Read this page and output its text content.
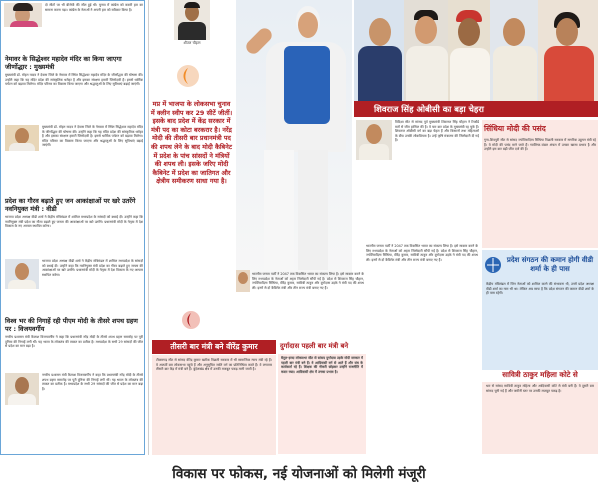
दो सीटों पर भी बीजेपी की जीत हुई थी। चुनाव में कांग्रेस को करारी हार का सामना करना पड़ा। कांग्रेस के नेताओं ने अपनी हार को स्वीकार किया है।
नेमावर के सिद्धेश्वर महादेव मंदिर का किया जाएगा जीर्णोद्धार : मुख्यमंत्री
मुख्यमंत्री डॉ. मोहन यादव ने देवास जिले के नेमावर में स्थित सिद्धेश्वर महादेव मंदिर के जीर्णोद्धार की घोषणा की। उन्होंने कहा कि यह मंदिर प्रदेश की सांस्कृतिक धरोहर है और इसका संरक्षण हमारी जिम्मेदारी है। इससे धार्मिक पर्यटन को बढ़ावा मिलेगा। मंदिर परिसर का विकास किया जाएगा और श्रद्धालुओं के लिए सुविधाएं बढ़ाई जाएंगी।
मुख्यमंत्री डॉ. मोहन यादव ने देवास जिले के नेमावर में स्थित सिद्धेश्वर महादेव मंदिर के जीर्णोद्धार की घोषणा की। उन्होंने कहा कि यह मंदिर प्रदेश की सांस्कृतिक धरोहर है और इसका संरक्षण हमारी जिम्मेदारी है। इससे धार्मिक पर्यटन को बढ़ावा मिलेगा। मंदिर परिसर का विकास किया जाएगा और श्रद्धालुओं के लिए सुविधाएं बढ़ाई जाएंगी।
प्रदेश का गौरव बढ़ाते हुए जन आकांक्षाओं पर खरे उतरेंगे नवनियुक्त मंत्री : वीडी
भाजपा प्रदेश अध्यक्ष वीडी शर्मा ने केंद्रीय मंत्रिमंडल में शामिल मध्यप्रदेश के सांसदों को बधाई दी। उन्होंने कहा कि नवनियुक्त मंत्री प्रदेश का गौरव बढ़ाते हुए जनता की आकांक्षाओं पर खरे उतरेंगे। प्रधानमंत्री मोदी के नेतृत्व में देश विकास के नए आयाम स्थापित करेगा।
भाजपा प्रदेश अध्यक्ष वीडी शर्मा ने केंद्रीय मंत्रिमंडल में शामिल मध्यप्रदेश के सांसदों को बधाई दी। उन्होंने कहा कि नवनियुक्त मंत्री प्रदेश का गौरव बढ़ाते हुए जनता की आकांक्षाओं पर खरे उतरेंगे। प्रधानमंत्री मोदी के नेतृत्व में देश विकास के नए आयाम स्थापित करेगा।
विश्व भर की निगाहें रही पीएम मोदी के तीसरे शपथ ग्रहण पर : विजयवर्गीय
नगरीय प्रशासन मंत्री कैलाश विजयवर्गीय ने कहा कि प्रधानमंत्री नरेंद्र मोदी के तीसरे शपथ ग्रहण समारोह पर पूरी दुनिया की निगाहें लगी थीं। यह भारत के लोकतंत्र की ताकत का प्रतीक है। मध्यप्रदेश के सभी 29 सांसदों की जीत से प्रदेश का मान बढ़ा है।
नगरीय प्रशासन मंत्री कैलाश विजयवर्गीय ने कहा कि प्रधानमंत्री नरेंद्र मोदी के तीसरे शपथ ग्रहण समारोह पर पूरी दुनिया की निगाहें लगी थीं। यह भारत के लोकतंत्र की ताकत का प्रतीक है। मध्यप्रदेश के सभी 29 सांसदों की जीत से प्रदेश का मान बढ़ा है।
शीतल चौहान
मप्र में भाजपा के लोकसभा चुनाव में क्लीन स्वीप कर 29 सीटें जीतीं। इसके बाद प्रदेश में केंद्र सरकार में मंत्री पद का कोटा बरकरार है। नरेंद्र मोदी की तीसरी बार प्रधानमंत्री पद की शपथ लेने के बाद मोदी कैबिनेट में प्रदेश के पांच सांसदों ने मंत्रियों की शपथ ली। इसके जरिए मोदी कैबिनेट में प्रदेश का जातिगत और क्षेत्रीय समीकरण साधा गया है।
शिवराज सिंह ओबीसी का बड़ा चेहरा
विदिशा सीट से सांसद पूर्व मुख्यमंत्री शिवराज सिंह चौहान ने रिकॉर्ड मतों से जीत हासिल की है। वे चार बार प्रदेश के मुख्यमंत्री रह चुके हैं। शिवराज ओबीसी वर्ग का बड़ा चेहरा हैं और किसानों तथा महिलाओं के बीच उनकी लोकप्रियता है। उन्हें कृषि मंत्रालय की जिम्मेदारी दी गई है।
सिंधिया मोदी की पसंद
गुना-शिवपुरी सीट से सांसद ज्योतिरादित्य सिंधिया पिछली सरकार में नागरिक उड्डयन मंत्री रहे हैं। वे मोदी की पसंद माने जाते हैं। ग्वालियर-चंबल अंचल में उनका खासा प्रभाव है और उन्होंने इस बार बड़ी जीत दर्ज की है।
भारतीय जनता पार्टी ने 2047 तक विकसित भारत का संकल्प लिया है। इसे साकार करने के लिए मध्यप्रदेश के नेताओं को अहम जिम्मेदारी सौंपी गई है। प्रदेश से शिवराज सिंह चौहान, ज्योतिरादित्य सिंधिया, वीरेंद्र कुमार, सावित्री ठाकुर और दुर्गादास उइके ने मंत्री पद की शपथ ली। इनमें से दो कैबिनेट मंत्री और तीन राज्य मंत्री बनाए गए हैं।
भारतीय जनता पार्टी ने 2047 तक विकसित भारत का संकल्प लिया है। इसे साकार करने के लिए मध्यप्रदेश के नेताओं को अहम जिम्मेदारी सौंपी गई है। प्रदेश से शिवराज सिंह चौहान, ज्योतिरादित्य सिंधिया, वीरेंद्र कुमार, सावित्री ठाकुर और दुर्गादास उइके ने मंत्री पद की शपथ ली। इनमें से दो कैबिनेट मंत्री और तीन राज्य मंत्री बनाए गए हैं।
तीसरी बार मंत्री बने वीरेंद्र कुमार
टीकमगढ़ सीट से सांसद वीरेंद्र कुमार खटीक पिछली सरकार में भी सामाजिक न्याय मंत्री रहे हैं। वे आठवीं बार लोकसभा पहुंचे हैं और अनुसूचित जाति वर्ग का प्रतिनिधित्व करते हैं। वे लगातार तीसरी बार केंद्र में मंत्री बने हैं। बुंदेलखंड क्षेत्र में उनकी मजबूत पकड़ मानी जाती है।
दुर्गादास पहली बार मंत्री बने
बैतूल-हरदा लोकसभा सीट से सांसद दुर्गादास उइके मोदी सरकार में पहली बार मंत्री बने हैं। वे आदिवासी वर्ग से आते हैं और संघ के कार्यकर्ता रहे हैं। शिक्षक की नौकरी छोड़कर उन्होंने राजनीति में कदम रखा। आदिवासी क्षेत्र में उनका प्रभाव है।
प्रदेश संगठन की कमान होगी वीडी शर्मा के ही पास
केंद्रीय मंत्रिमंडल में जिन नेताओं को शामिल करने की संभावना थी, उनमें प्रदेश अध्यक्ष वीडी शर्मा का नाम भी था। लेकिन अब साफ है कि प्रदेश संगठन की कमान वीडी शर्मा के ही पास रहेगी।
सावित्री ठाकुर महिला कोटे से
धार से सांसद सावित्री ठाकुर महिला और आदिवासी कोटे से मंत्री बनी हैं। वे दूसरी बार सांसद चुनी गई हैं और जमीनी स्तर पर उनकी मजबूत पकड़ है।
विकास पर फोकस, नई योजनाओं को मिलेगी मंजूरी
